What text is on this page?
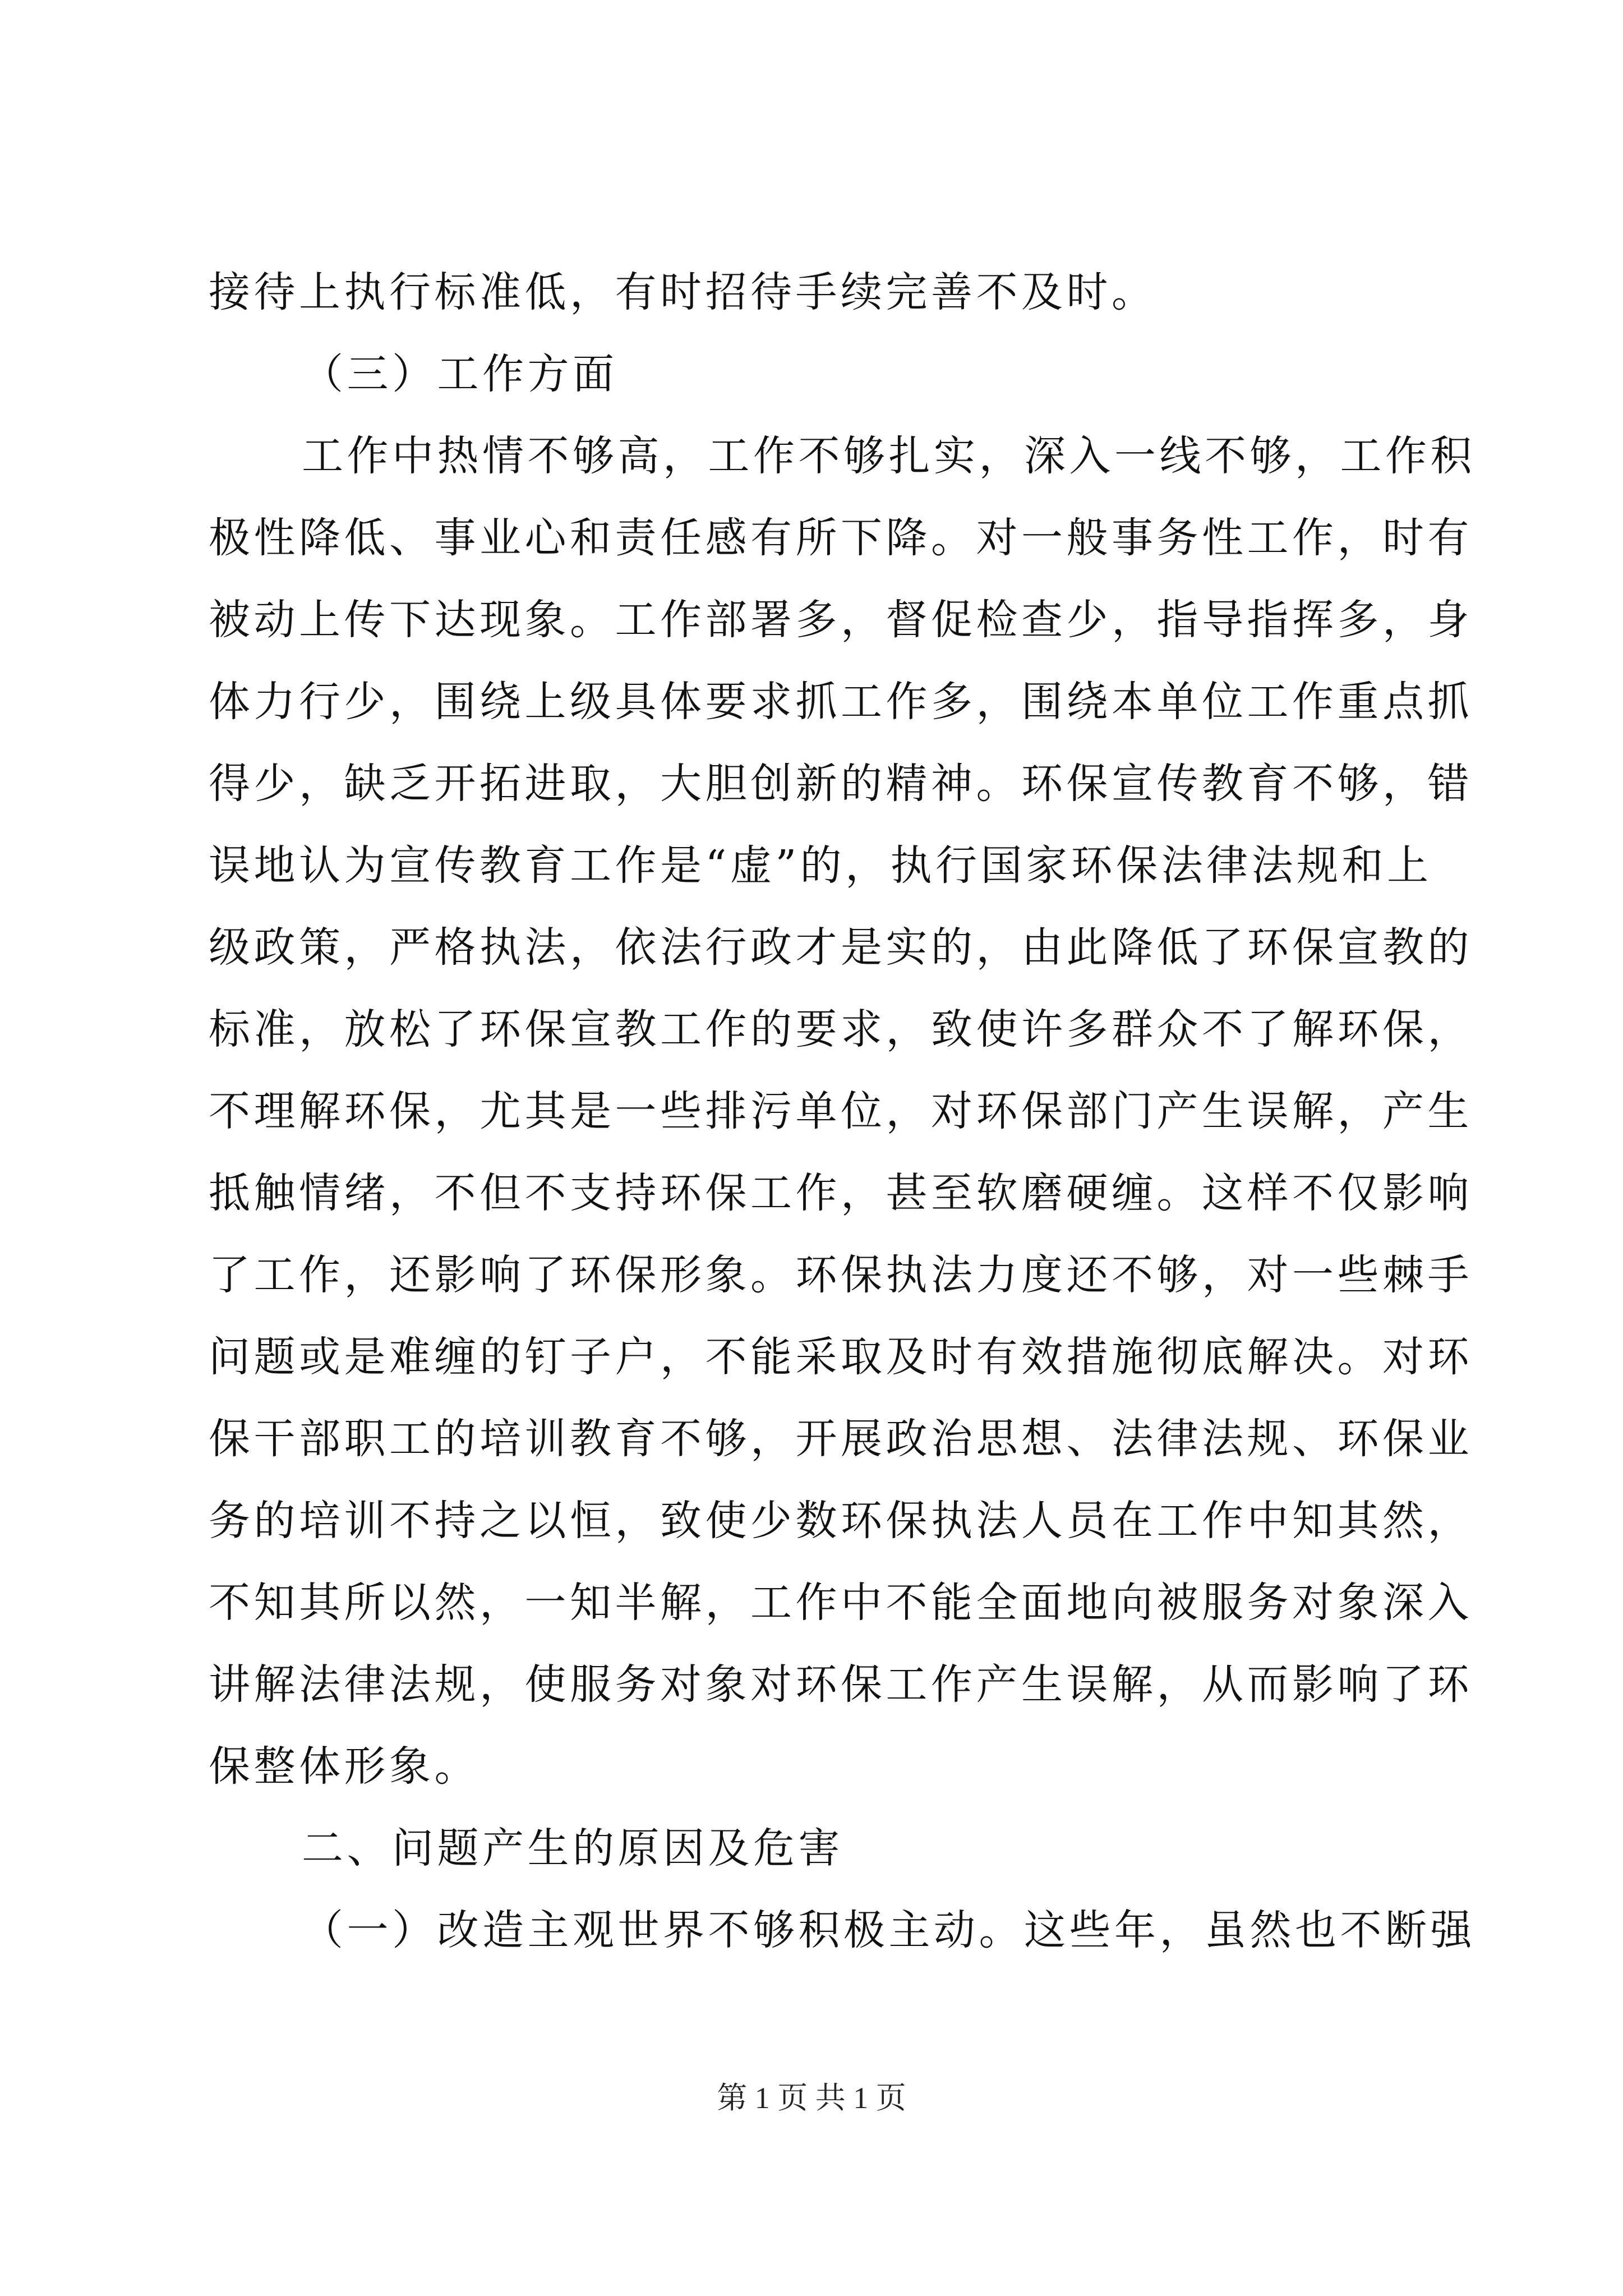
接待上执行标准低，有时招待手续完善不及时。
（三）工作方面
工作中热情不够高，工作不够扎实，深入一线不够，工作积
极性降低、事业心和责任感有所下降。对一般事务性工作，时有
被动上传下达现象。工作部署多，督促检查少，指导指挥多，身
体力行少，围绕上级具体要求抓工作多，围绕本单位工作重点抓
得少，缺乏开拓进取，大胆创新的精神。环保宣传教育不够，错
误地认为宣传教育工作是“虚”的，执行国家环保法律法规和上
级政策，严格执法，依法行政才是实的，由此降低了环保宣教的
标准，放松了环保宣教工作的要求，致使许多群众不了解环保，
不理解环保，尤其是一些排污单位，对环保部门产生误解，产生
抵触情绪，不但不支持环保工作，甚至软磨硬缠。这样不仅影响
了工作，还影响了环保形象。环保执法力度还不够，对一些棘手
问题或是难缠的钉子户，不能采取及时有效措施彻底解决。对环
保干部职工的培训教育不够，开展政治思想、法律法规、环保业
务的培训不持之以恒，致使少数环保执法人员在工作中知其然，
不知其所以然，一知半解，工作中不能全面地向被服务对象深入
讲解法律法规，使服务对象对环保工作产生误解，从而影响了环
保整体形象。
二、问题产生的原因及危害
（一）改造主观世界不够积极主动。这些年，虽然也不断强
第 1 页 共 1 页
